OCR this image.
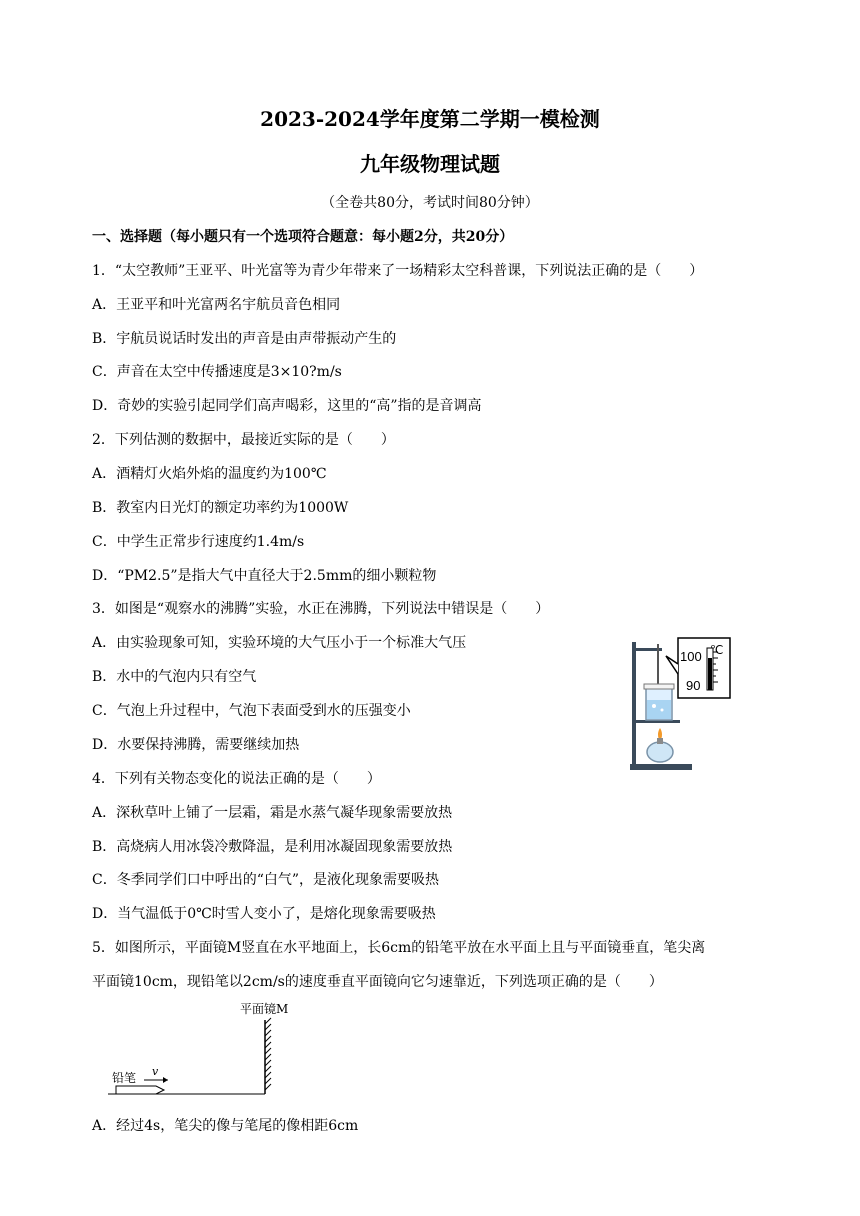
2023-2024学年度第二学期一模检测
九年级物理试题
（全卷共80分，考试时间80分钟）
一、选择题（每小题只有一个选项符合题意：每小题2分，共20分）
1．“太空教师”王亚平、叶光富等为青少年带来了一场精彩太空科普课，下列说法正确的是（　　）
A．王亚平和叶光富两名宇航员音色相同
B．宇航员说话时发出的声音是由声带振动产生的
C．声音在太空中传播速度是3×10?m/s
D．奇妙的实验引起同学们高声喝彩，这里的“高”指的是音调高
2．下列估测的数据中，最接近实际的是（　　）
A．酒精灯火焰外焰的温度约为100℃
B．教室内日光灯的额定功率约为1000W
C．中学生正常步行速度约1.4m/s
D．“PM2.5”是指大气中直径大于2.5mm的细小颗粒物
3．如图是“观察水的沸腾”实验，水正在沸腾，下列说法中错误是（　　）
A．由实验现象可知，实验环境的大气压小于一个标准大气压
B．水中的气泡内只有空气
C．气泡上升过程中，气泡下表面受到水的压强变小
D．水要保持沸腾，需要继续加热
100 ℃
90
4．下列有关物态变化的说法正确的是（　　）
A．深秋草叶上铺了一层霜，霜是水蒸气凝华现象需要放热
B．高烧病人用冰袋冷敷降温，是利用冰凝固现象需要放热
C．冬季同学们口中呼出的“白气”，是液化现象需要吸热
D．当气温低于0℃时雪人变小了，是熔化现象需要吸热
5．如图所示，平面镜M竖直在水平地面上，长6cm的铅笔平放在水平面上且与平面镜垂直，笔尖离
平面镜10cm，现铅笔以2cm/s的速度垂直平面镜向它匀速靠近，下列选项正确的是（　　）
平面镜M
铅笔 v
A．经过4s，笔尖的像与笔尾的像相距6cm
